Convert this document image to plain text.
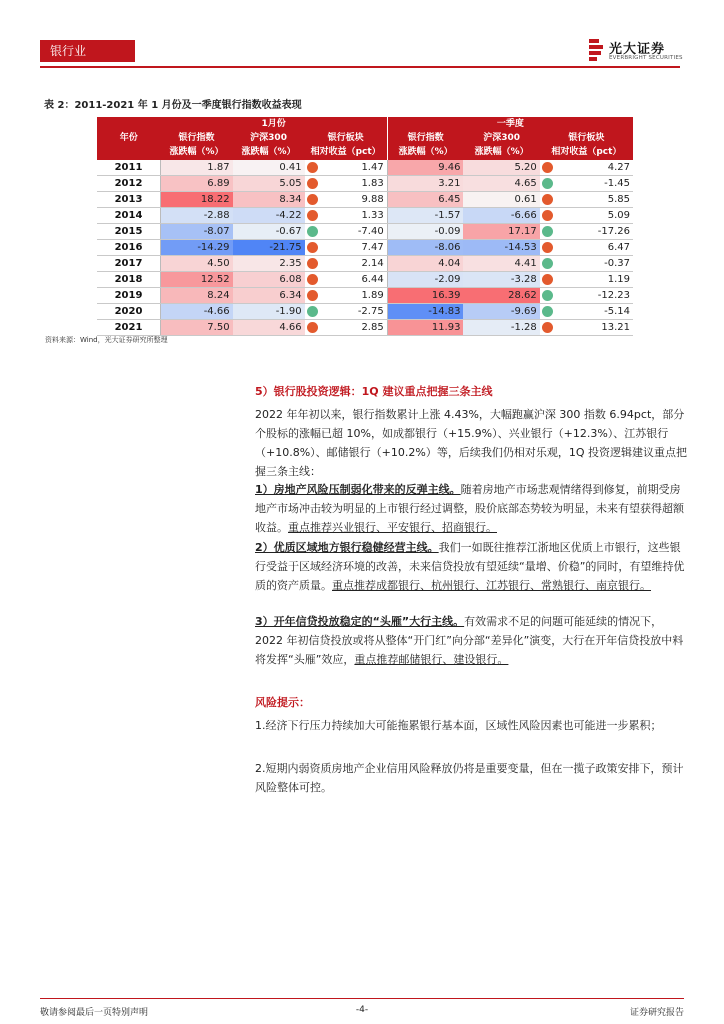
银行业	光大证券
EVERBRIGHT SECURITIES
表 2：2011-2021 年 1 月份及一季度银行指数收益表现
年份	1月份			一季度		
	银行指数	沪深300	银行板块	银行指数	沪深300	银行板块
	涨跌幅（%）	涨跌幅（%）	相对收益（pct）	涨跌幅（%）	涨跌幅（%）	相对收益（pct）
2011	1.87	0.41	1.47	9.46	5.20	4.27
2012	6.89	5.05	1.83	3.21	4.65	-1.45
2013	18.22	8.34	9.88	6.45	0.61	5.85
2014	-2.88	-4.22	1.33	-1.57	-6.66	5.09
2015	-8.07	-0.67	-7.40	-0.09	17.17	-17.26
2016	-14.29	-21.75	7.47	-8.06	-14.53	6.47
2017	4.50	2.35	2.14	4.04	4.41	-0.37
2018	12.52	6.08	6.44	-2.09	-3.28	1.19
2019	8.24	6.34	1.89	16.39	28.62	-12.23
2020	-4.66	-1.90	-2.75	-14.83	-9.69	-5.14
2021	7.50	4.66	2.85	11.93	-1.28	13.21
资料来源：Wind，光大证券研究所整理
5）银行股投资逻辑：1Q 建议重点把握三条主线

2022 年年初以来，银行指数累计上涨 4.43%，大幅跑赢沪深 300 指数 6.94pct，部分个股标的涨幅已超 10%，如成都银行（+15.9%）、兴业银行（+12.3%）、江苏银行（+10.8%）、邮储银行（+10.2%）等，后续我们仍相对乐观，1Q 投资逻辑建议重点把握三条主线：

1）房地产风险压制弱化带来的反弹主线。随着房地产市场悲观情绪得到修复，前期受房地产市场冲击较为明显的上市银行经过调整，股价底部态势较为明显，未来有望获得超额收益。重点推荐兴业银行、平安银行、招商银行。

2）优质区域地方银行稳健经营主线。我们一如既往推荐江浙地区优质上市银行，这些银行受益于区域经济环境的改善，未来信贷投放有望延续“量增、价稳”的同时，有望维持优质的资产质量。重点推荐成都银行、杭州银行、江苏银行、常熟银行、南京银行。

3）开年信贷投放稳定的“头雁”大行主线。有效需求不足的问题可能延续的情况下，2022 年初信贷投放或将从整体“开门红”向分部“差异化”演变，大行在开年信贷投放中料将发挥“头雁”效应，重点推荐邮储银行、建设银行。

风险提示：

1.经济下行压力持续加大可能拖累银行基本面，区域性风险因素也可能进一步累积；

2.短期内弱资质房地产企业信用风险释放仍将是重要变量，但在一揽子政策安排下，预计风险整体可控。

敬请参阅最后一页特别声明	-4-	证券研究报告
